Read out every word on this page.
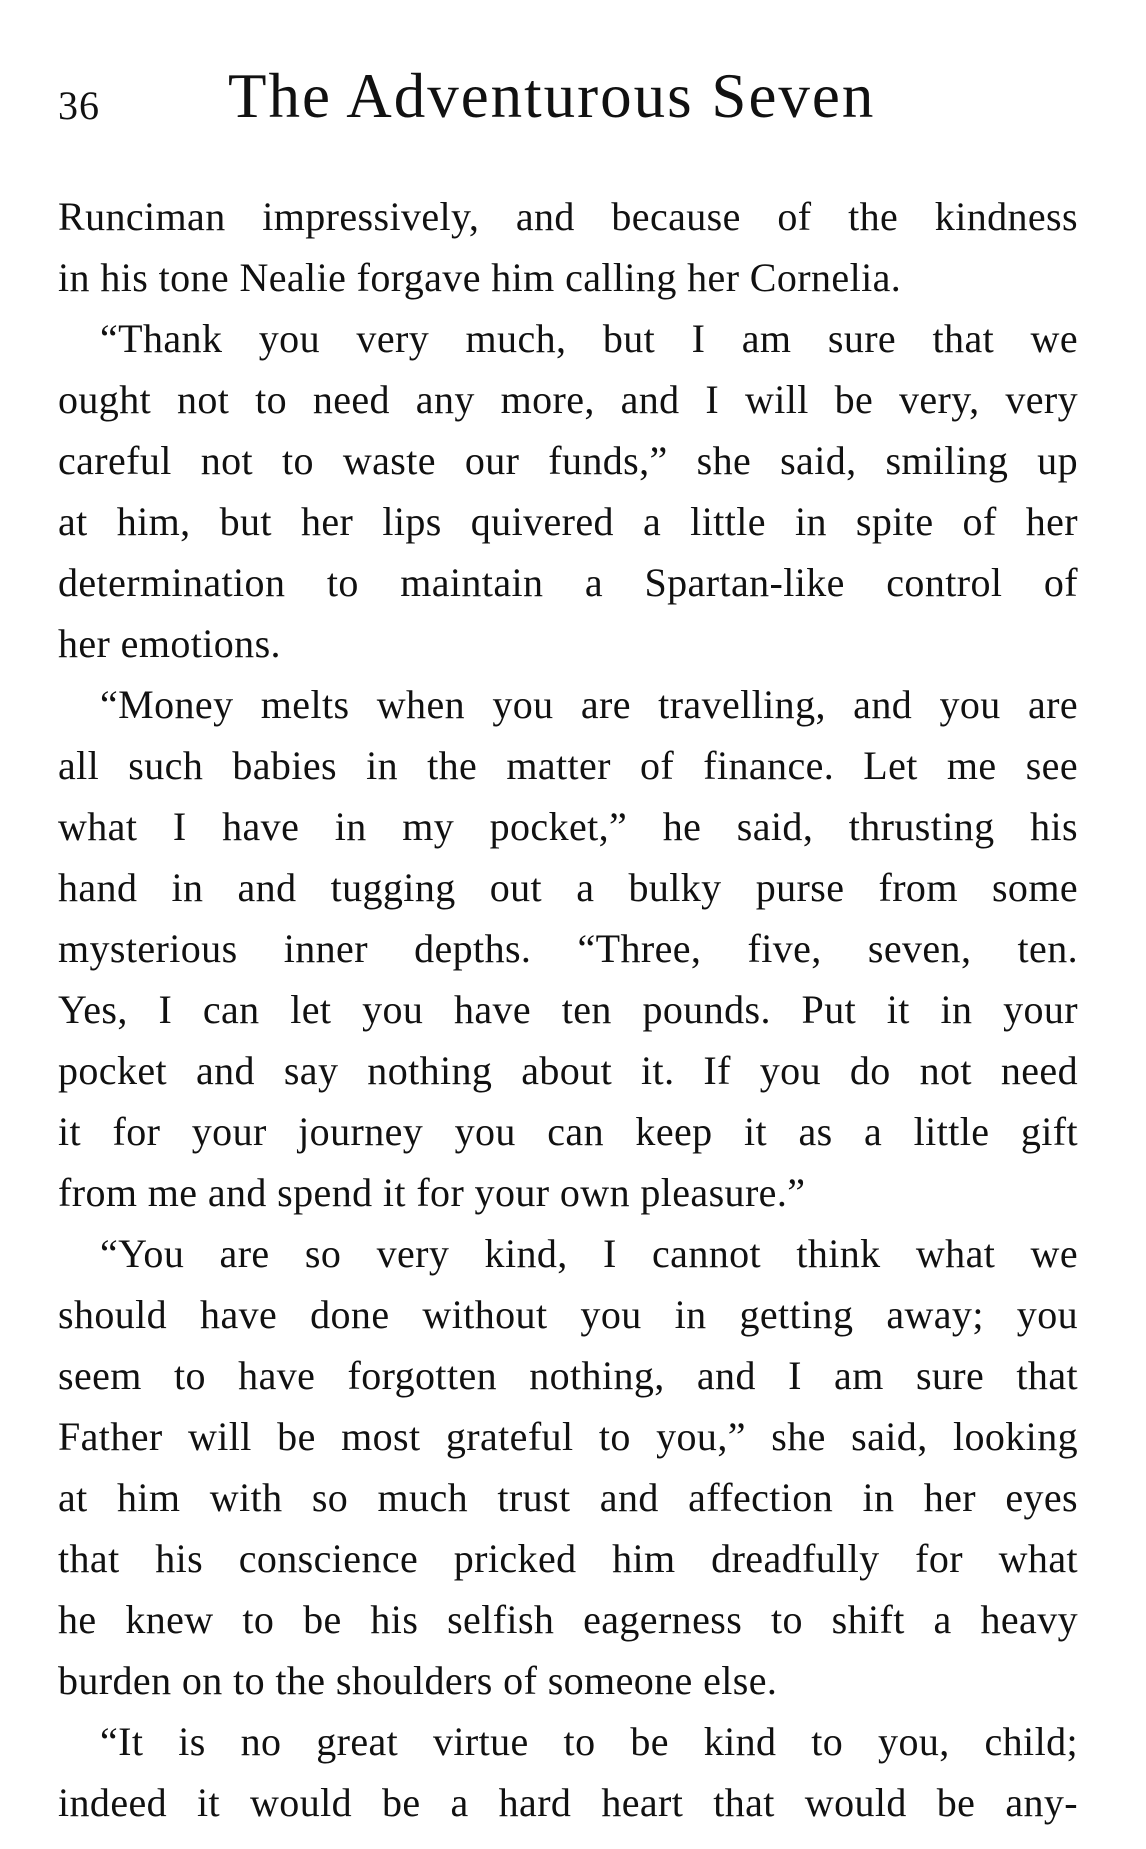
36 The Adventurous Seven
Runciman impressively, and because of the kindness
in his tone Nealie forgave him calling her Cornelia.
“Thank you very much, but I am sure that we
ought not to need any more, and I will be very, very
careful not to waste our funds,” she said, smiling up
at him, but her lips quivered a little in spite of her
determination to maintain a Spartan-like control of
her emotions.
“Money melts when you are travelling, and you are
all such babies in the matter of finance. Let me see
what I have in my pocket,” he said, thrusting his
hand in and tugging out a bulky purse from some
mysterious inner depths. “Three, five, seven, ten.
Yes, I can let you have ten pounds. Put it in your
pocket and say nothing about it. If you do not need
it for your journey you can keep it as a little gift
from me and spend it for your own pleasure.”
“You are so very kind, I cannot think what we
should have done without you in getting away; you
seem to have forgotten nothing, and I am sure that
Father will be most grateful to you,” she said, looking
at him with so much trust and affection in her eyes
that his conscience pricked him dreadfully for what
he knew to be his selfish eagerness to shift a heavy
burden on to the shoulders of someone else.
“It is no great virtue to be kind to you, child;
indeed it would be a hard heart that would be any-
